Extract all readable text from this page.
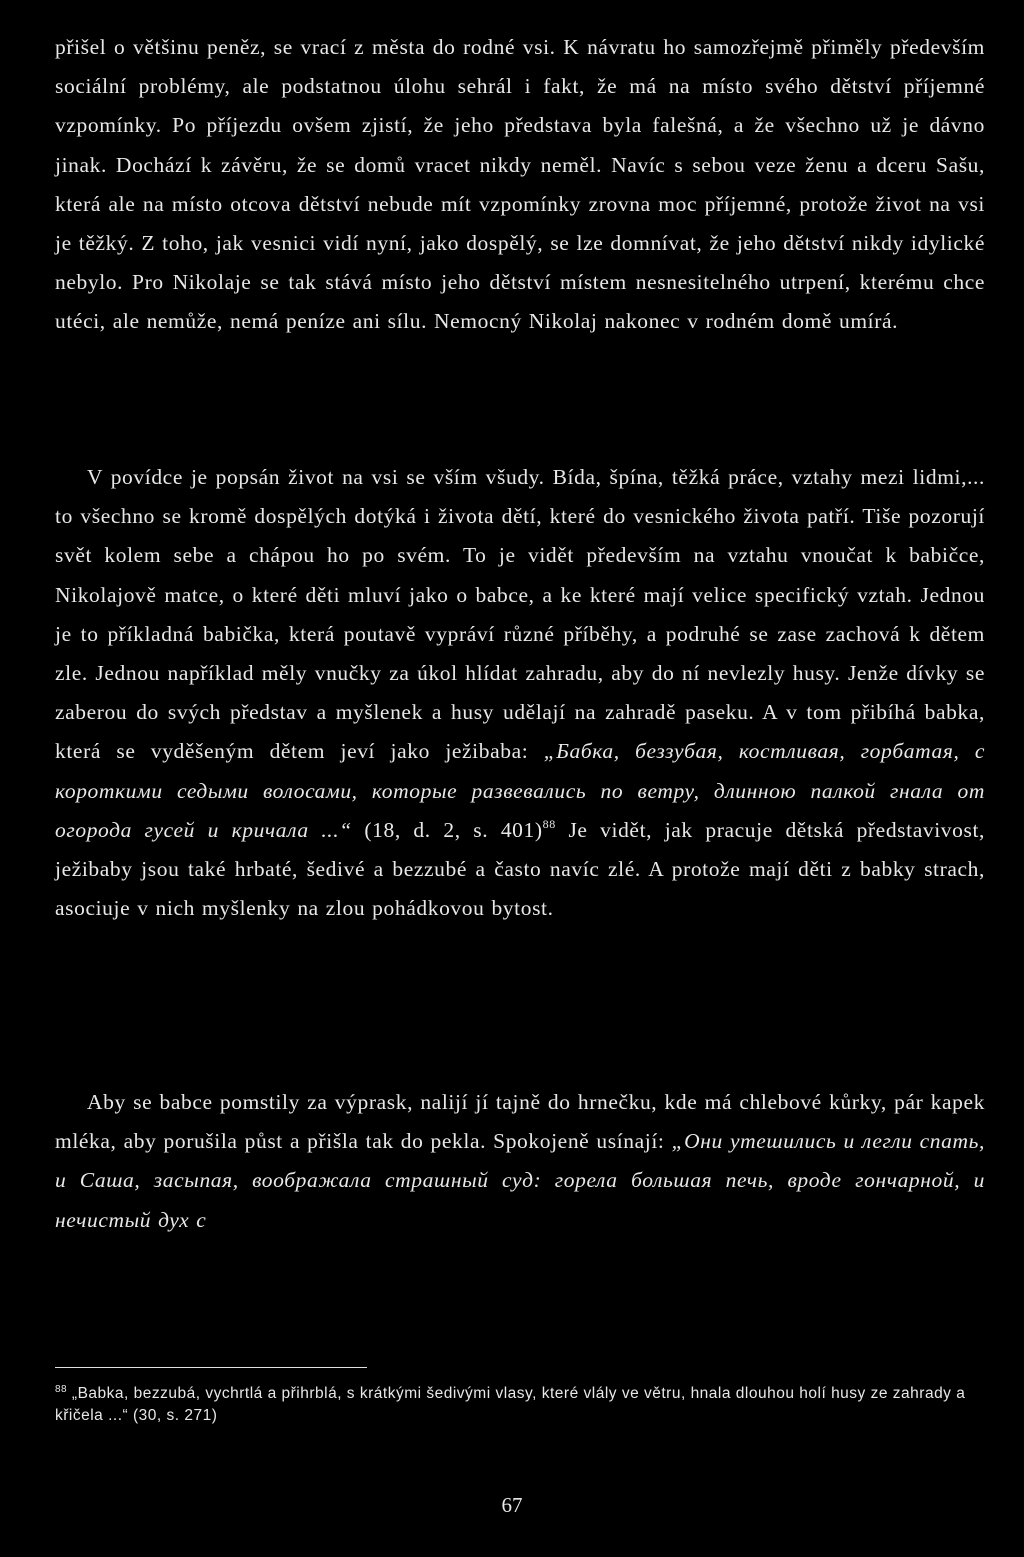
přišel o většinu peněz, se vrací z města do rodné vsi. K návratu ho samozřejmě přiměly především sociální problémy, ale podstatnou úlohu sehrál i fakt, že má na místo svého dětství příjemné vzpomínky. Po příjezdu ovšem zjistí, že jeho představa byla falešná, a že všechno už je dávno jinak. Dochází k závěru, že se domů vracet nikdy neměl. Navíc s sebou veze ženu a dceru Sašu, která ale na místo otcova dětství nebude mít vzpomínky zrovna moc příjemné, protože život na vsi je těžký. Z toho, jak vesnici vidí nyní, jako dospělý, se lze domnívat, že jeho dětství nikdy idylické nebylo. Pro Nikolaje se tak stává místo jeho dětství místem nesnesitelného utrpení, kterému chce utéci, ale nemůže, nemá peníze ani sílu. Nemocný Nikolaj nakonec v rodném domě umírá.

V povídce je popsán život na vsi se vším všudy. Bída, špína, těžká práce, vztahy mezi lidmi,... to všechno se kromě dospělých dotýká i života dětí, které do vesnického života patří. Tiše pozorují svět kolem sebe a chápou ho po svém. To je vidět především na vztahu vnoučat k babičce, Nikolajově matce, o které děti mluví jako o babce, a ke které mají velice specifický vztah. Jednou je to příkladná babička, která poutavě vypráví různé příběhy, a podruhé se zase zachová k dětem zle. Jednou například měly vnučky za úkol hlídat zahradu, aby do ní nevlezly husy. Jenže dívky se zaberou do svých představ a myšlenek a husy udělají na zahradě paseku. A v tom přibíhá babka, která se vyděšeným dětem jeví jako ježibaba: „Бабка, беззубая, костливая, горбатая, с короткими седыми волосами, которые развевались по ветру, длинною палкой гнала от огорода гусей и кричала ...“ (18, d. 2, s. 401)$^{88}$ Je vidět, jak pracuje dětská představivost, ježibaby jsou také hrbaté, šedivé a bezzubé a často navíc zlé. A protože mají děti z babky strach, asociuje v nich myšlenky na zlou pohádkovou bytost.

Aby se babce pomstily za výprask, nalijí jí tajně do hrnečku, kde má chlebové kůrky, pár kapek mléka, aby porušila půst a přišla tak do pekla. Spokojeně usínají: „Они утешились и легли спать, и Саша, засыпая, воображала страшный суд: горела большая печь, вроде гончарной, и нечистый дух с

$^{88}$ „Babka, bezzubá, vychrtlá a přihrblá, s krátkými šedivými vlasy, které vlály ve větru, hnala dlouhou holí husy ze zahrady a křičela ...“ (30, s. 271)

67
